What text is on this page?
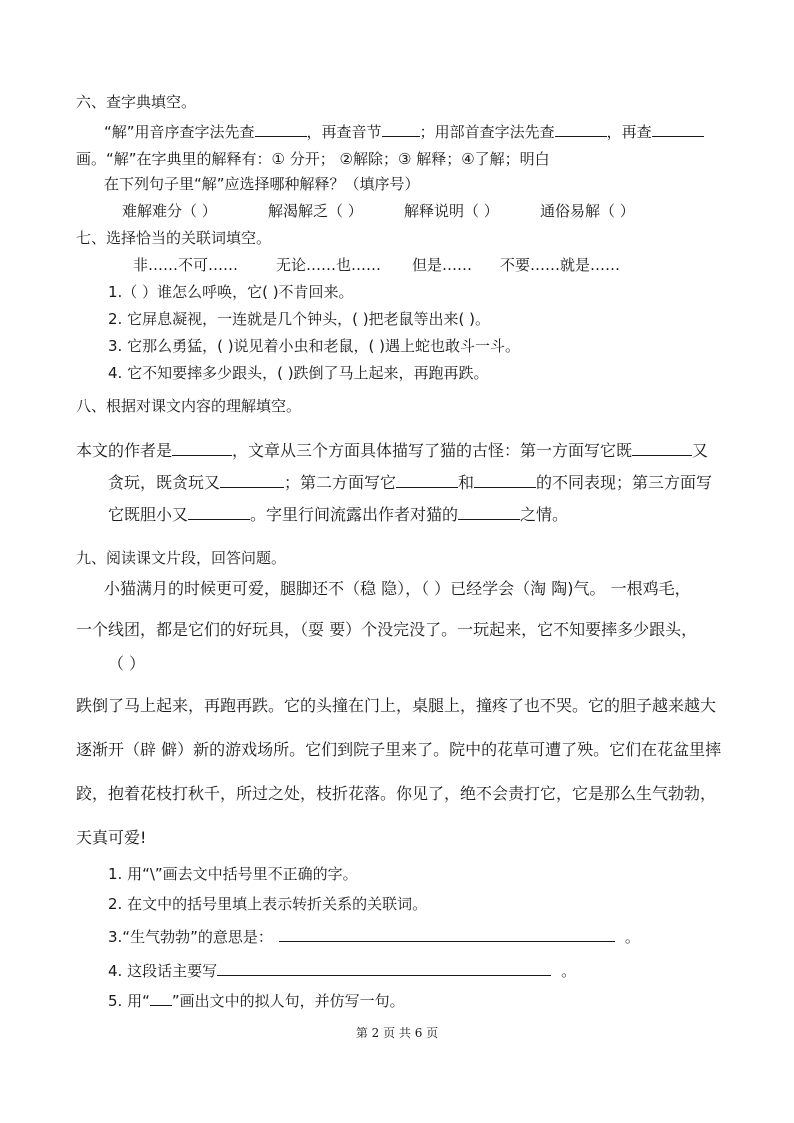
六、查字典填空。
“解”用音序查字法先查	，再查音节	；用部首查字法先查	，再查
画。“解”在字典里的解释有：① 分开； ②解除；③ 解释；④了解；明白
在下列句子里“解”应选择哪种解释？（填序号）
难解难分（ ）	解渴解乏（ ）	解释说明（ ）	通俗易解（ ）
七、选择恰当的关联词填空。
非……不可……	无论……也…… 但是…… 不要……就是……
1.（ ）谁怎么呼唤，它( )不肯回来。
2. 它屏息凝视，一连就是几个钟头，( )把老鼠等出来( )。
3. 它那么勇猛，( )说见着小虫和老鼠，( )遇上蛇也敢斗一斗。
4. 它不知要摔多少跟头，( )跌倒了马上起来，再跑再跌。
八、根据对课文内容的理解填空。
本文的作者是	，文章从三个方面具体描写了猫的古怪：第一方面写它既	又
贪玩，既贪玩又	；第二方面写它	和	的不同表现；第三方面写
它既胆小又	。字里行间流露出作者对猫的	之情。
九、阅读课文片段，回答问题。
小猫满月的时候更可爱，腿脚还不（稳 隐），（ ）已经学会（淘 陶)气。 一根鸡毛，
一个线团，都是它们的好玩具，（耍 要）个没完没了。一玩起来，它不知要摔多少跟头，
（ ）
跌倒了马上起来，再跑再跌。它的头撞在门上，桌腿上，撞疼了也不哭。它的胆子越来越大
逐渐开（辟 僻）新的游戏场所。它们到院子里来了。院中的花草可遭了殃。它们在花盆里摔
跤，抱着花枝打秋千，所过之处，枝折花落。你见了，绝不会责打它，它是那么生气勃勃，
天真可爱!
1. 用“\”画去文中括号里不正确的字。
2. 在文中的括号里填上表示转折关系的关联词。
3.“生气勃勃”的意思是：	。
4. 这段话主要写	。
5. 用“ ”画出文中的拟人句，并仿写一句。
第 2 页 共 6 页
